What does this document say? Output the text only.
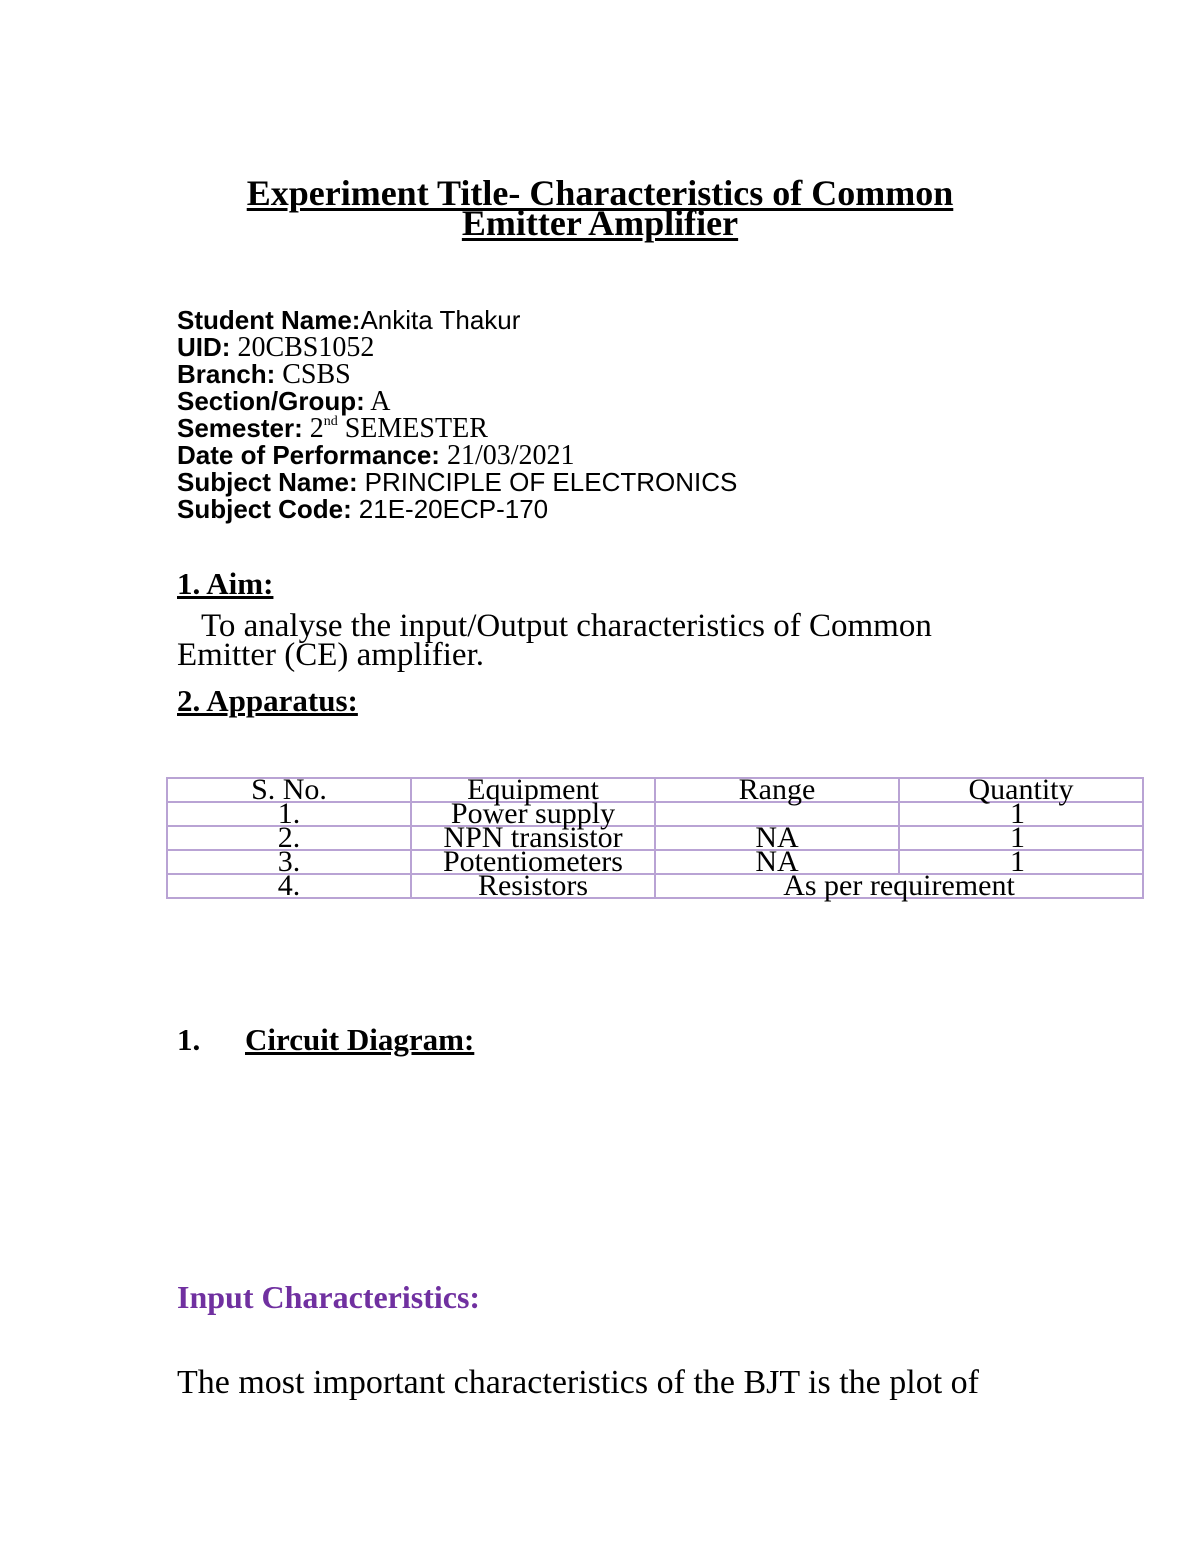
Experiment Title- Characteristics of Common
Emitter Amplifier
Student Name:Ankita Thakur
UID: 20CBS1052
Branch: CSBS
Section/Group: A
Semester: 2nd SEMESTER
Date of Performance: 21/03/2021
Subject Name: PRINCIPLE OF ELECTRONICS
Subject Code: 21E-20ECP-170
1. Aim:
To analyse the input/Output characteristics of Common
Emitter (CE) amplifier.
2. Apparatus:
S. No.	Equipment	Range	Quantity
1.	Power supply		1
2.	NPN transistor	NA	1
3.	Potentiometers	NA	1
4.	Resistors	As per requirement	
1. Circuit Diagram:
Input Characteristics:
The most important characteristics of the BJT is the plot of
